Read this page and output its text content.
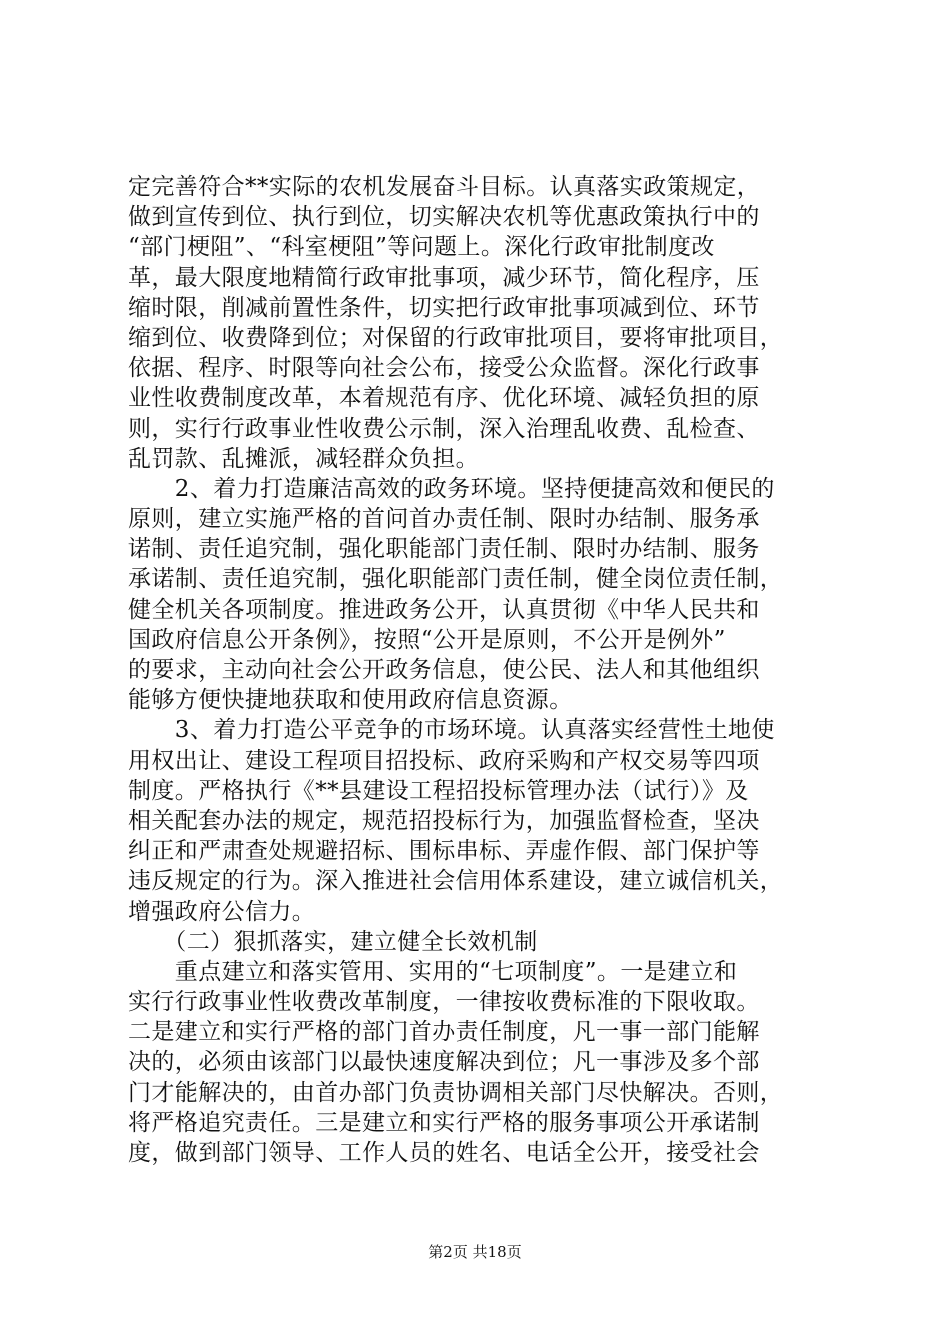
定完善符合**实际的农机发展奋斗目标。认真落实政策规定，
做到宣传到位、执行到位，切实解决农机等优惠政策执行中的
“部门梗阻”、“科室梗阻”等问题上。深化行政审批制度改
革，最大限度地精简行政审批事项，减少环节，简化程序，压
缩时限，削减前置性条件，切实把行政审批事项减到位、环节
缩到位、收费降到位；对保留的行政审批项目，要将审批项目，
依据、程序、时限等向社会公布，接受公众监督。深化行政事
业性收费制度改革，本着规范有序、优化环境、减轻负担的原
则，实行行政事业性收费公示制，深入治理乱收费、乱检查、
乱罚款、乱摊派，减轻群众负担。
　　2、着力打造廉洁高效的政务环境。坚持便捷高效和便民的
原则，建立实施严格的首问首办责任制、限时办结制、服务承
诺制、责任追究制，强化职能部门责任制、限时办结制、服务
承诺制、责任追究制，强化职能部门责任制，健全岗位责任制，
健全机关各项制度。推进政务公开，认真贯彻《中华人民共和
国政府信息公开条例》，按照“公开是原则，不公开是例外”
的要求，主动向社会公开政务信息，使公民、法人和其他组织
能够方便快捷地获取和使用政府信息资源。
　　3、着力打造公平竞争的市场环境。认真落实经营性土地使
用权出让、建设工程项目招投标、政府采购和产权交易等四项
制度。严格执行《**县建设工程招投标管理办法（试行）》及
相关配套办法的规定，规范招投标行为，加强监督检查，坚决
纠正和严肃查处规避招标、围标串标、弄虚作假、部门保护等
违反规定的行为。深入推进社会信用体系建设，建立诚信机关，
增强政府公信力。
　　（二）狠抓落实，建立健全长效机制
　　重点建立和落实管用、实用的“七项制度”。一是建立和
实行行政事业性收费改革制度，一律按收费标准的下限收取。
二是建立和实行严格的部门首办责任制度，凡一事一部门能解
决的，必须由该部门以最快速度解决到位；凡一事涉及多个部
门才能解决的，由首办部门负责协调相关部门尽快解决。否则，
将严格追究责任。三是建立和实行严格的服务事项公开承诺制
度，做到部门领导、工作人员的姓名、电话全公开，接受社会
第2页 共18页
